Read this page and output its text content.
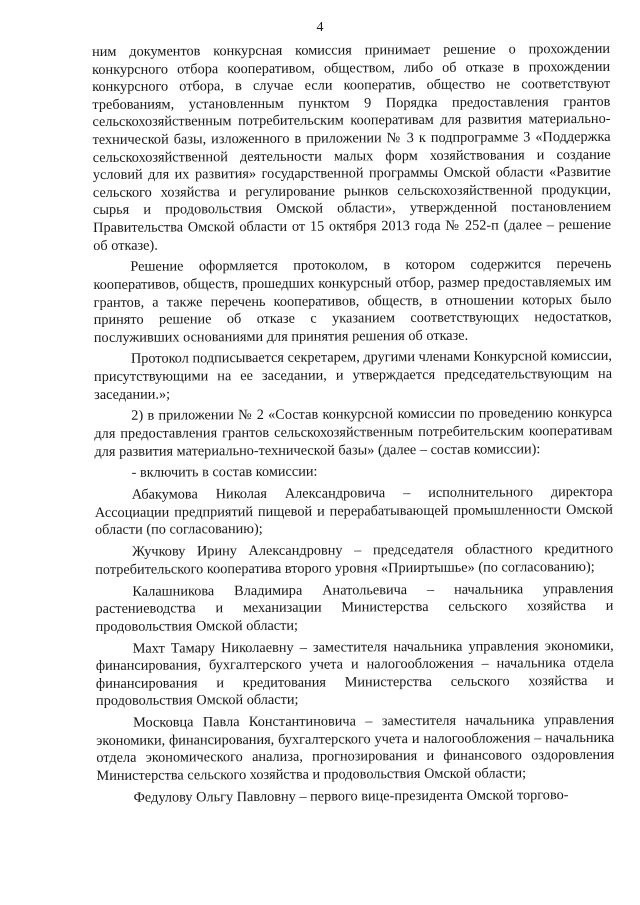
4

ним документов конкурсная комиссия принимает решение о прохождении конкурсного отбора кооперативом, обществом, либо об отказе в прохождении конкурсного отбора, в случае если кооператив, общество не соответствуют требованиям, установленным пунктом 9 Порядка предоставления грантов сельскохозяйственным потребительским кооперативам для развития материально-технической базы, изложенного в приложении № 3 к подпрограмме 3 «Поддержка сельскохозяйственной деятельности малых форм хозяйствования и создание условий для их развития» государственной программы Омской области «Развитие сельского хозяйства и регулирование рынков сельскохозяйственной продукции, сырья и продовольствия Омской области», утвержденной постановлением Правительства Омской области от 15 октября 2013 года № 252-п (далее – решение об отказе).

Решение оформляется протоколом, в котором содержится перечень кооперативов, обществ, прошедших конкурсный отбор, размер предоставляемых им грантов, а также перечень кооперативов, обществ, в отношении которых было принято решение об отказе с указанием соответствующих недостатков, послуживших основаниями для принятия решения об отказе.

Протокол подписывается секретарем, другими членами Конкурсной комиссии, присутствующими на ее заседании, и утверждается председательствующим на заседании.»;

2) в приложении № 2 «Состав конкурсной комиссии по проведению конкурса для предоставления грантов сельскохозяйственным потребительским кооперативам для развития материально-технической базы» (далее – состав комиссии):

- включить в состав комиссии:

Абакумова Николая Александровича – исполнительного директора Ассоциации предприятий пищевой и перерабатывающей промышленности Омской области (по согласованию);

Жучкову Ирину Александровну – председателя областного кредитного потребительского кооператива второго уровня «Прииртышье» (по согласованию);

Калашникова Владимира Анатольевича – начальника управления растениеводства и механизации Министерства сельского хозяйства и продовольствия Омской области;

Махт Тамару Николаевну – заместителя начальника управления экономики, финансирования, бухгалтерского учета и налогообложения – начальника отдела финансирования и кредитования Министерства сельского хозяйства и продовольствия Омской области;

Московца Павла Константиновича – заместителя начальника управления экономики, финансирования, бухгалтерского учета и налогообложения – начальника отдела экономического анализа, прогнозирования и финансового оздоровления Министерства сельского хозяйства и продовольствия Омской области;

Федулову Ольгу Павловну – первого вице-президента Омской торгово-
